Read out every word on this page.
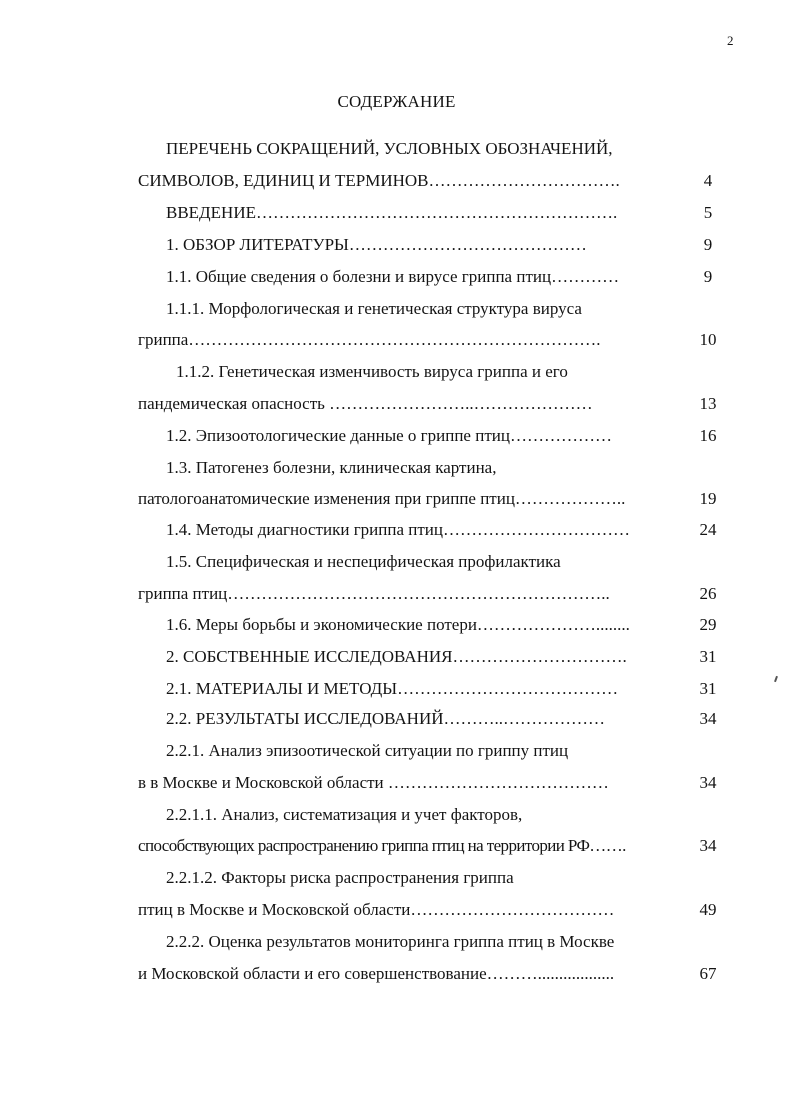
2
СОДЕРЖАНИЕ
ПЕРЕЧЕНЬ СОКРАЩЕНИЙ, УСЛОВНЫХ ОБОЗНАЧЕНИЙ,
СИМВОЛОВ, ЕДИНИЦ И ТЕРМИНОВ…………………………….	4
ВВЕДЕНИЕ……………………………………………………….	5
1. ОБЗОР ЛИТЕРАТУРЫ……………………………………	9
1.1. Общие сведения о болезни и вирусе гриппа птиц…………	9
1.1.1. Морфологическая и генетическая структура вируса
гриппа……………………………………………………………….	10
1.1.2. Генетическая изменчивость вируса гриппа и его
пандемическая опасность ……………………..…………………	13
1.2. Эпизоотологические данные о гриппе птиц………………	16
1.3. Патогенез болезни, клиническая картина,
патологоанатомические изменения при гриппе птиц………………..	19
1.4. Методы диагностики гриппа птиц……………………………	24
1.5. Специфическая и неспецифическая профилактика
гриппа птиц…………………………………………………………..	26
1.6. Меры борьбы и экономические потери…………………........	29
2. СОБСТВЕННЫЕ ИССЛЕДОВАНИЯ………………………….	31
2.1. МАТЕРИАЛЫ И МЕТОДЫ…………………………………	31
2.2. РЕЗУЛЬТАТЫ ИССЛЕДОВАНИЙ………..………………	34
2.2.1. Анализ эпизоотической ситуации по гриппу птиц
в в Москве и Московской области …………………………………	34
2.2.1.1. Анализ, систематизация и учет факторов,
способствующих распространению гриппа птиц на территории РФ…….	34
2.2.1.2. Факторы риска распространения гриппа
птиц в Москве и Московской области………………………………	49
2.2.2. Оценка результатов мониторинга гриппа птиц в Москве
и Московской области и его совершенствование………..................	67
